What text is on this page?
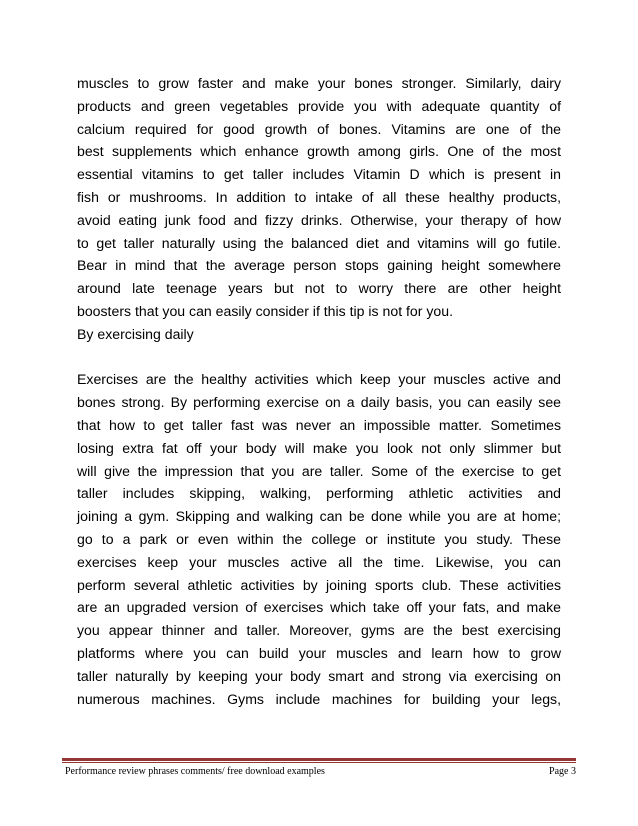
muscles to grow faster and make your bones stronger. Similarly, dairy
products and green vegetables provide you with adequate quantity of
calcium required for good growth of bones. Vitamins are one of the
best supplements which enhance growth among girls. One of the most
essential vitamins to get taller includes Vitamin D which is present in
fish or mushrooms. In addition to intake of all these healthy products,
avoid eating junk food and fizzy drinks. Otherwise, your therapy of how
to get taller naturally using the balanced diet and vitamins will go futile.
Bear in mind that the average person stops gaining height somewhere
around late teenage years but not to worry there are other height
boosters that you can easily consider if this tip is not for you.
By exercising daily
Exercises are the healthy activities which keep your muscles active and
bones strong. By performing exercise on a daily basis, you can easily see
that how to get taller fast was never an impossible matter. Sometimes
losing extra fat off your body will make you look not only slimmer but
will give the impression that you are taller. Some of the exercise to get
taller includes skipping, walking, performing athletic activities and
joining a gym. Skipping and walking can be done while you are at home;
go to a park or even within the college or institute you study. These
exercises keep your muscles active all the time. Likewise, you can
perform several athletic activities by joining sports club. These activities
are an upgraded version of exercises which take off your fats, and make
you appear thinner and taller. Moreover, gyms are the best exercising
platforms where you can build your muscles and learn how to grow
taller naturally by keeping your body smart and strong via exercising on
numerous machines. Gyms include machines for building your legs,
Performance review phrases comments/ free download examples	Page 3
